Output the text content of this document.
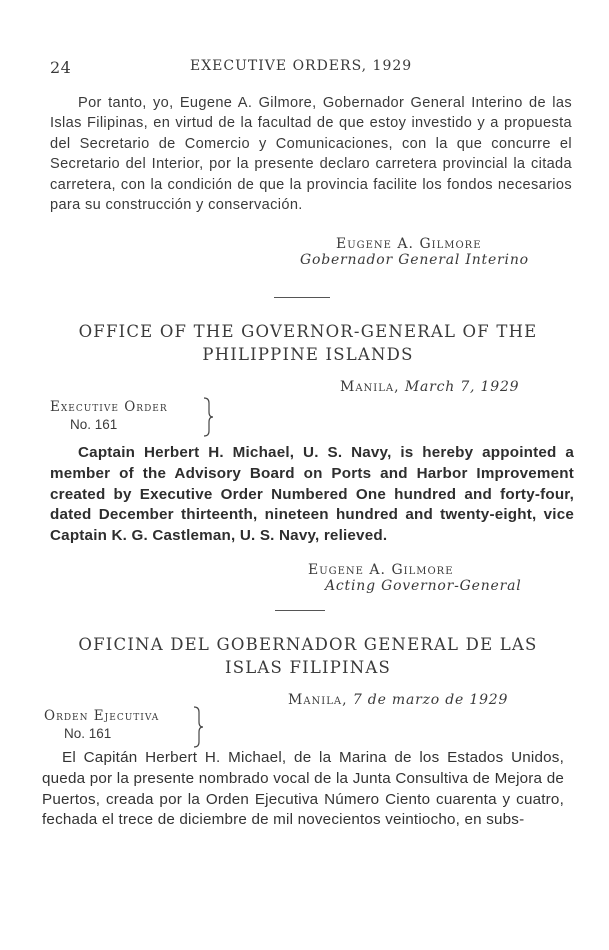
24	EXECUTIVE ORDERS, 1929

Por tanto, yo, Eugene A. Gilmore, Gobernador General Interino de las Islas Filipinas, en virtud de la facultad de que estoy investido y a propuesta del Secretario de Comercio y Comunicaciones, con la que concurre el Secretario del Interior, por la presente declaro carretera provincial la citada carretera, con la condición de que la provincia facilite los fondos necesarios para su construcción y conservación.

Eugene A. Gilmore
Gobernador General Interino
OFFICE OF THE GOVERNOR-GENERAL OF THE PHILIPPINE ISLANDS
Manila, March 7, 1929
Executive Order
No. 161

Captain Herbert H. Michael, U. S. Navy, is hereby appointed a member of the Advisory Board on Ports and Harbor Improvement created by Executive Order Numbered One hundred and forty-four, dated December thirteenth, nineteen hundred and twenty-eight, vice Captain K. G. Castleman, U. S. Navy, relieved.

Eugene A. Gilmore
Acting Governor-General
OFICINA DEL GOBERNADOR GENERAL DE LAS ISLAS FILIPINAS
Manila, 7 de marzo de 1929
Orden Ejecutiva
No. 161

El Capitán Herbert H. Michael, de la Marina de los Estados Unidos, queda por la presente nombrado vocal de la Junta Consultiva de Mejora de Puertos, creada por la Orden Ejecutiva Número Ciento cuarenta y cuatro, fechada el trece de diciembre de mil novecientos veintiocho, en subs-
